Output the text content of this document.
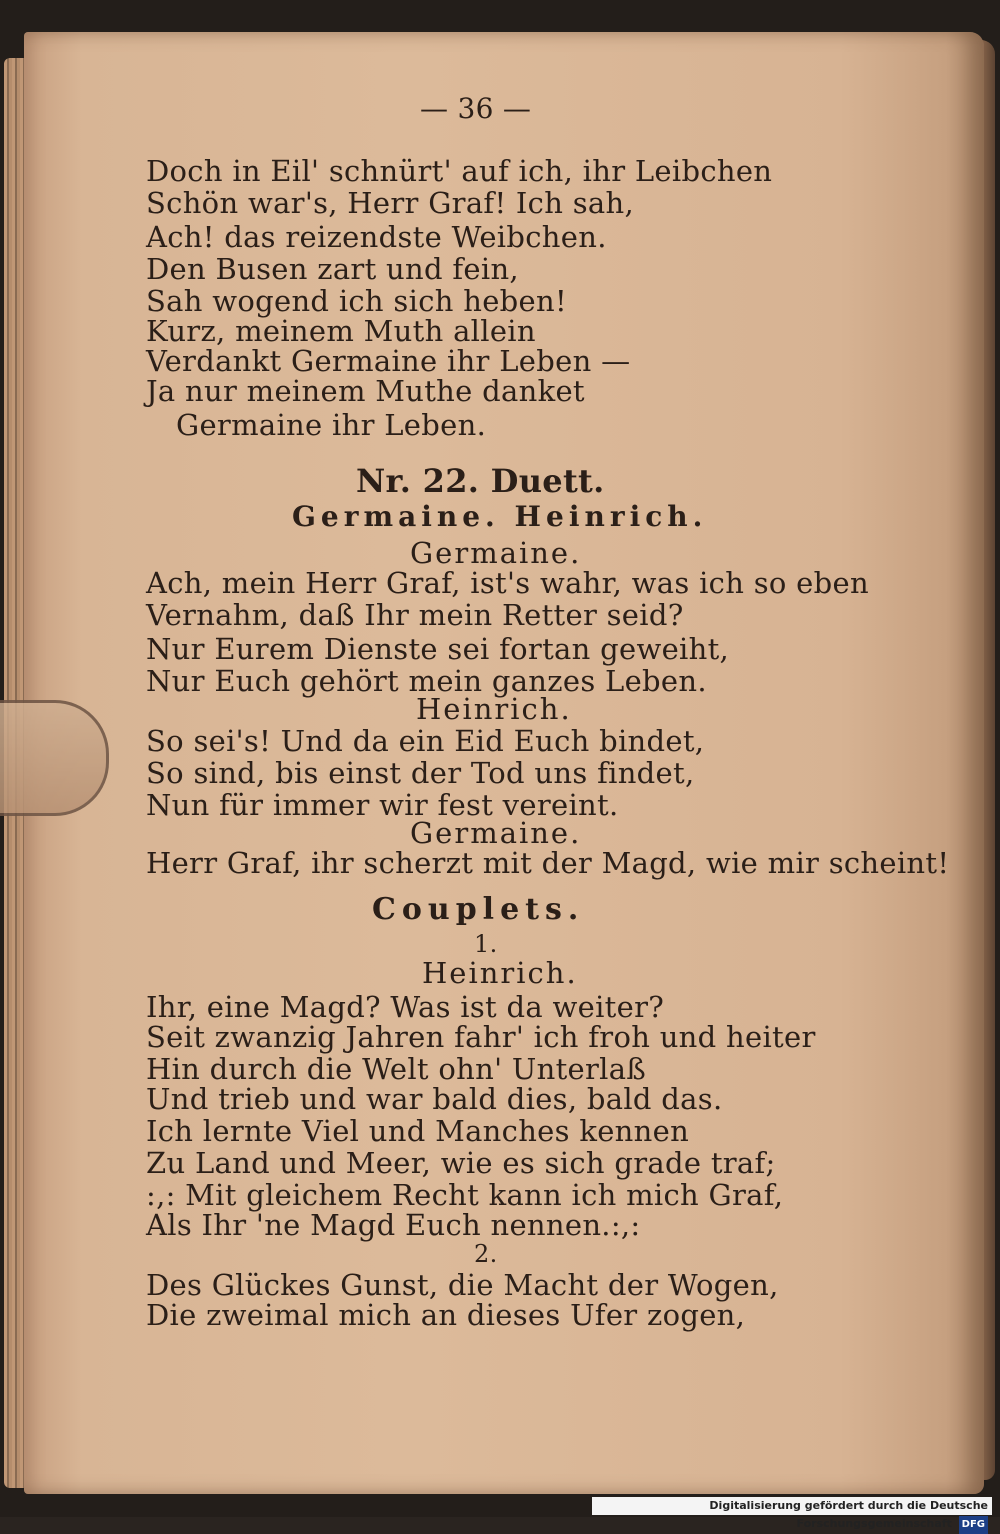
— 36 —
Doch in Eil' schnürt' auf ich, ihr Leibchen
Schön war's, Herr Graf! Ich sah,
Ach! das reizendste Weibchen.
Den Busen zart und fein,
Sah wogend ich sich heben!
Kurz, meinem Muth allein
Verdankt Germaine ihr Leben —
Ja nur meinem Muthe danket
Germaine ihr Leben.
Nr. 22. Duett.
Germaine. Heinrich.
Germaine.
Ach, mein Herr Graf, ist's wahr, was ich so eben
Vernahm, daß Ihr mein Retter seid?
Nur Eurem Dienste sei fortan geweiht,
Nur Euch gehört mein ganzes Leben.
Heinrich.
So sei's! Und da ein Eid Euch bindet,
So sind, bis einst der Tod uns findet,
Nun für immer wir fest vereint.
Germaine.
Herr Graf, ihr scherzt mit der Magd, wie mir scheint!
Couplets.
1.
Heinrich.
Ihr, eine Magd? Was ist da weiter?
Seit zwanzig Jahren fahr' ich froh und heiter
Hin durch die Welt ohn' Unterlaß
Und trieb und war bald dies, bald das.
Ich lernte Viel und Manches kennen
Zu Land und Meer, wie es sich grade traf;
:,: Mit gleichem Recht kann ich mich Graf,
Als Ihr 'ne Magd Euch nennen.:,:
2.
Des Glückes Gunst, die Macht der Wogen,
Die zweimal mich an dieses Ufer zogen,
Digitalisierung gefördert durch die Deutsche Forschungsgemeinschaft DFG
